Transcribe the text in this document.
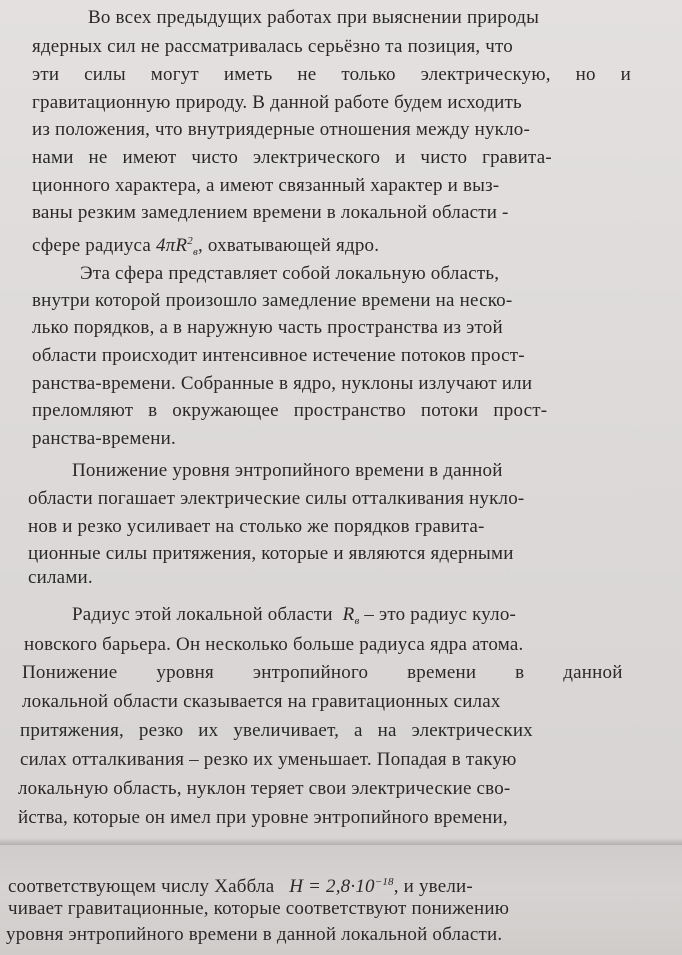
Во всех предыдущих работах при выяснении природы
ядерных сил не рассматривалась серьёзно та позиция, что
эти силы могут иметь не только электрическую, но и
гравитационную природу. В данной работе будем исходить
из положения, что внутриядерные отношения между нукло-
нами не имеют чисто электрического и чисто гравита-
ционного характера, а имеют связанный характер и выз-
ваны резким замедлением времени в локальной области -
сфере радиуса $4\pi R^2_в$, охватывающей ядро.
Эта сфера представляет собой локальную область,
внутри которой произошло замедление времени на неско-
лько порядков, а в наружную часть пространства из этой
области происходит интенсивное истечение потоков прост-
ранства-времени. Собранные в ядро, нуклоны излучают или
преломляют в окружающее пространство потоки прост-
ранства-времени.
Понижение уровня энтропийного времени в данной
области погашает электрические силы отталкивания нукло-
нов и резко усиливает на столько же порядков гравита-
ционные силы притяжения, которые и являются ядерными
силами.
Радиус этой локальной области $R_в$ – это радиус куло-
новского барьера. Он несколько больше радиуса ядра атома.
Понижение уровня энтропийного времени в данной
локальной области сказывается на гравитационных силах
притяжения, резко их увеличивает, а на электрических
силах отталкивания – резко их уменьшает. Попадая в такую
локальную область, нуклон теряет свои электрические сво-
йства, которые он имел при уровне энтропийного времени,
соответствующем числу Хаббла $H = 2,8\cdot 10^{-18}$, и увели-
чивает гравитационные, которые соответствуют понижению
уровня энтропийного времени в данной локальной области.
